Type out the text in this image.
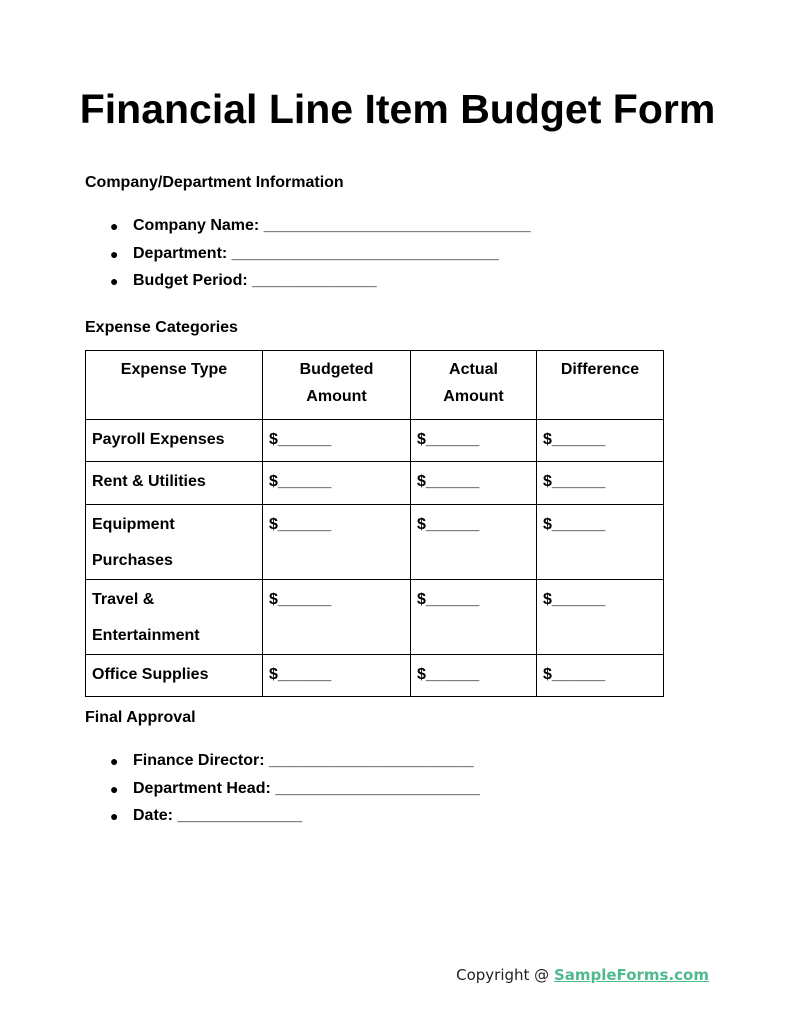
Financial Line Item Budget Form
Company/Department Information
● Company Name: ______________________________
● Department: ______________________________
● Budget Period: ______________
Expense Categories
Expense Type	Budgeted Amount	Actual Amount	Difference
Payroll Expenses	$______	$______	$______
Rent & Utilities	$______	$______	$______
Equipment Purchases	$______	$______	$______
Travel & Entertainment	$______	$______	$______
Office Supplies	$______	$______	$______
Final Approval
● Finance Director: _______________________
● Department Head: _______________________
● Date: ______________
Copyright @ SampleForms.com
